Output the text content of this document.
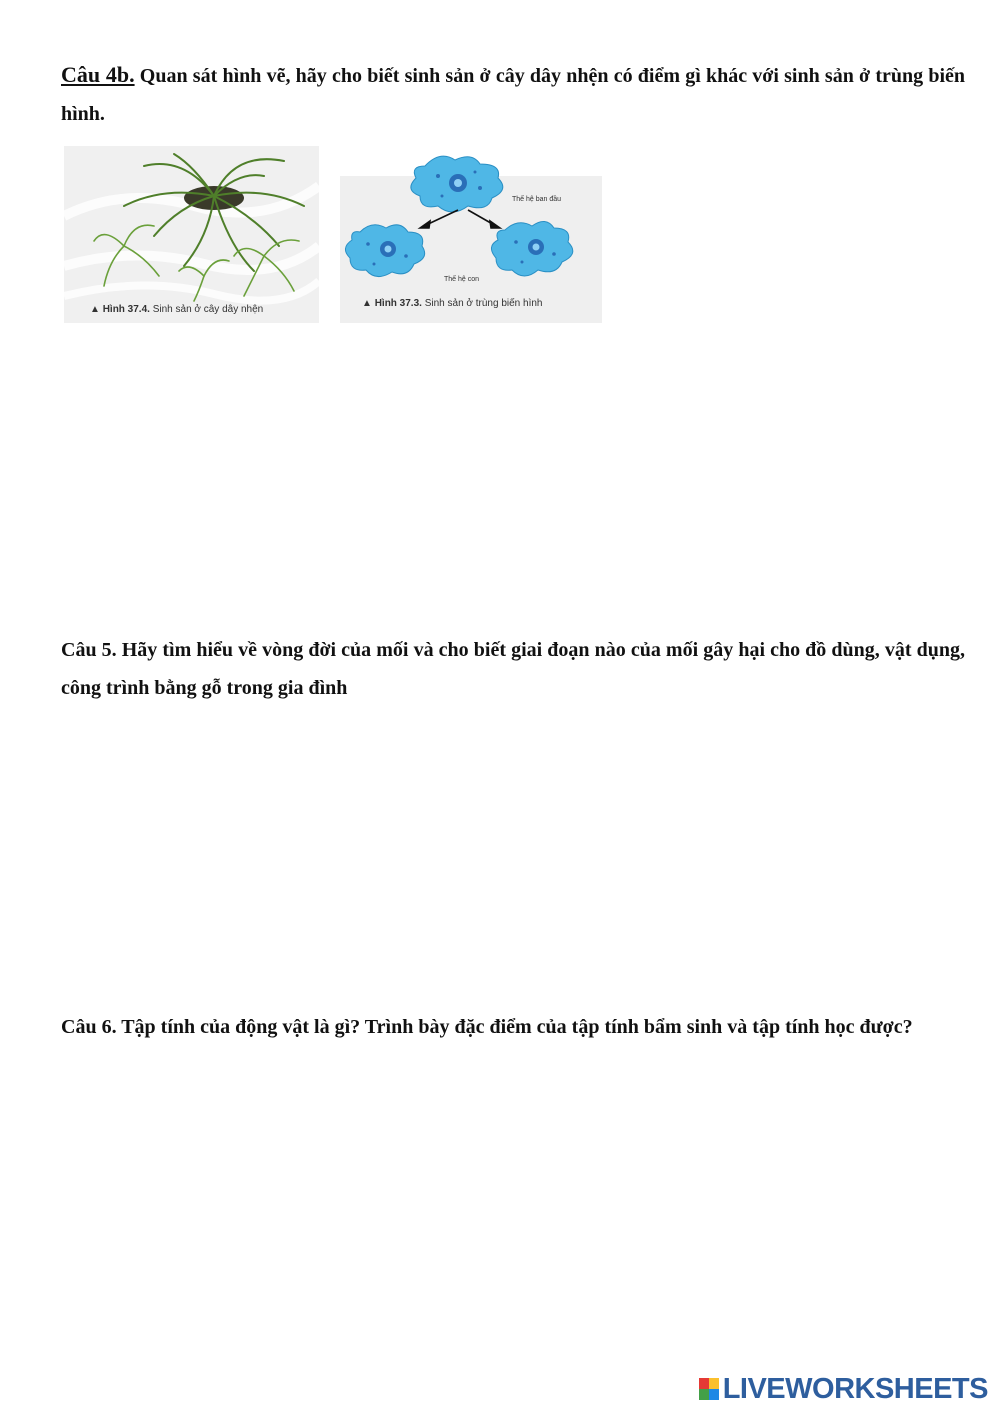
Câu 4b. Quan sát hình vẽ, hãy cho biết sinh sản ở cây dây nhện có điểm gì khác với sinh sản ở trùng biến hình.
▲ Hình 37.4. Sinh sản ở cây dây nhện
Thế hệ ban đầu
Thế hệ con
▲ Hình 37.3. Sinh sản ở trùng biến hình
Câu 5. Hãy tìm hiểu về vòng đời của mối và cho biết giai đoạn nào của mối gây hại cho đồ dùng, vật dụng, công trình bằng gỗ trong gia đình
Câu 6. Tập tính của động vật là gì? Trình bày đặc điểm của tập tính bẩm sinh và tập tính học được?
LIVEWORKSHEETS
